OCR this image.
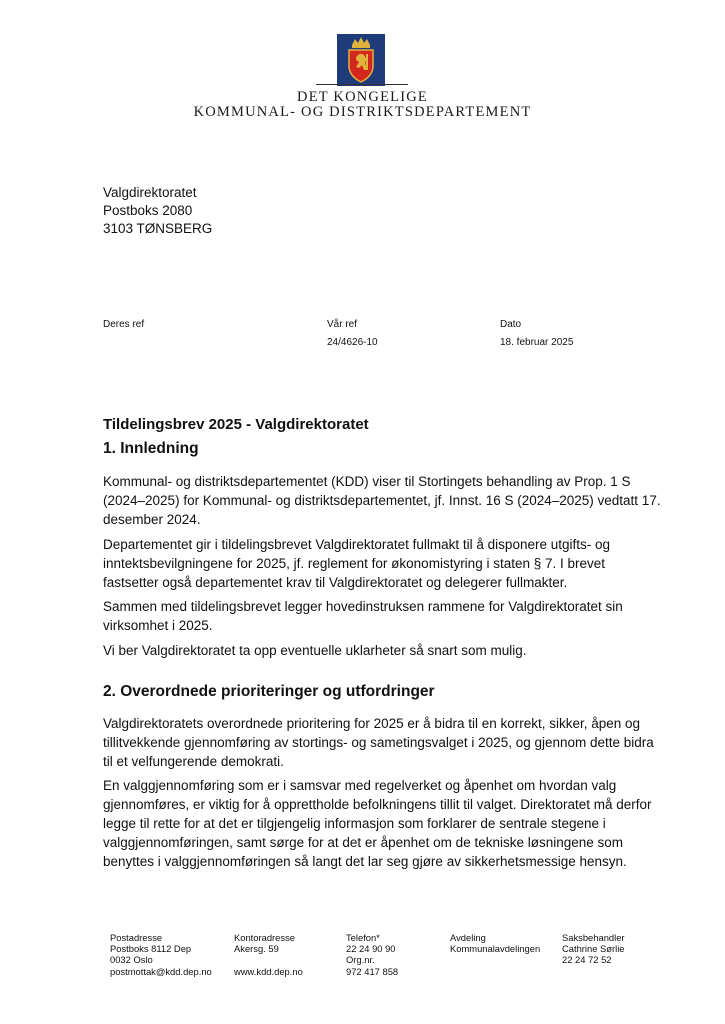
DET KONGELIGE
KOMMUNAL- OG DISTRIKTSDEPARTEMENT
Valgdirektoratet
Postboks 2080
3103 TØNSBERG
Deres ref	Vår ref
24/4626-10
Dato
18. februar 2025
Tildelingsbrev 2025 - Valgdirektoratet
1. Innledning
Kommunal- og distriktsdepartementet (KDD) viser til Stortingets behandling av Prop. 1 S (2024–2025) for Kommunal- og distriktsdepartementet, jf. Innst. 16 S (2024–2025) vedtatt 17. desember 2024.
Departementet gir i tildelingsbrevet Valgdirektoratet fullmakt til å disponere utgifts- og inntektsbevilgningene for 2025, jf. reglement for økonomistyring i staten § 7. I brevet fastsetter også departementet krav til Valgdirektoratet og delegerer fullmakter.
Sammen med tildelingsbrevet legger hovedinstruksen rammene for Valgdirektoratet sin virksomhet i 2025.
Vi ber Valgdirektoratet ta opp eventuelle uklarheter så snart som mulig.
2. Overordnede prioriteringer og utfordringer
Valgdirektoratets overordnede prioritering for 2025 er å bidra til en korrekt, sikker, åpen og tillitvekkende gjennomføring av stortings- og sametingsvalget i 2025, og gjennom dette bidra til et velfungerende demokrati.
En valggjennomføring som er i samsvar med regelverket og åpenhet om hvordan valg gjennomføres, er viktig for å opprettholde befolkningens tillit til valget. Direktoratet må derfor legge til rette for at det er tilgjengelig informasjon som forklarer de sentrale stegene i valggjennomføringen, samt sørge for at det er åpenhet om de tekniske løsningene som benyttes i valggjennomføringen så langt det lar seg gjøre av sikkerhetsmessige hensyn.
Postadresse
Postboks 8112 Dep
0032 Oslo
postmottak@kdd.dep.no
Kontoradresse
Akersg. 59

www.kdd.dep.no
Telefon*
22 24 90 90
Org.nr.
972 417 858
Avdeling
Kommunalavdelingen
Saksbehandler
Cathrine Sørlie
22 24 72 52
